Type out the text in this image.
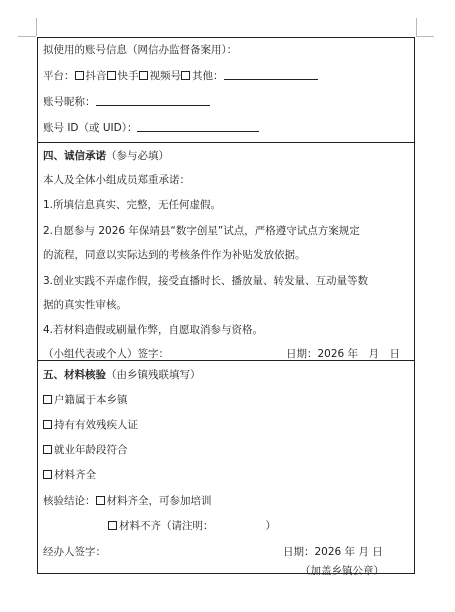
拟使用的账号信息（网信办监督备案用）：
平台： 抖音 快手 视频号 其他：
账号昵称：
账号 ID（或 UID）：
四、诚信承诺（参与必填）
本人及全体小组成员郑重承诺：
1.所填信息真实、完整，无任何虚假。
2.自愿参与 2026 年保靖县“数字创星”试点，严格遵守试点方案规定
的流程，同意以实际达到的考核条件作为补贴发放依据。
3.创业实践不弄虚作假，接受直播时长、播放量、转发量、互动量等数
据的真实性审核。
4.若材料造假或刷量作弊，自愿取消参与资格。
（小组代表或个人）签字：	日期：2026 年　月　日
五、材料核验（由乡镇残联填写）
户籍属于本乡镇
持有有效残疾人证
就业年龄段符合
材料齐全
核验结论： 材料齐全，可参加培训
材料不齐（请注明：	）
经办人签字：	日期：2026 年 月 日
（加盖乡镇公章）
